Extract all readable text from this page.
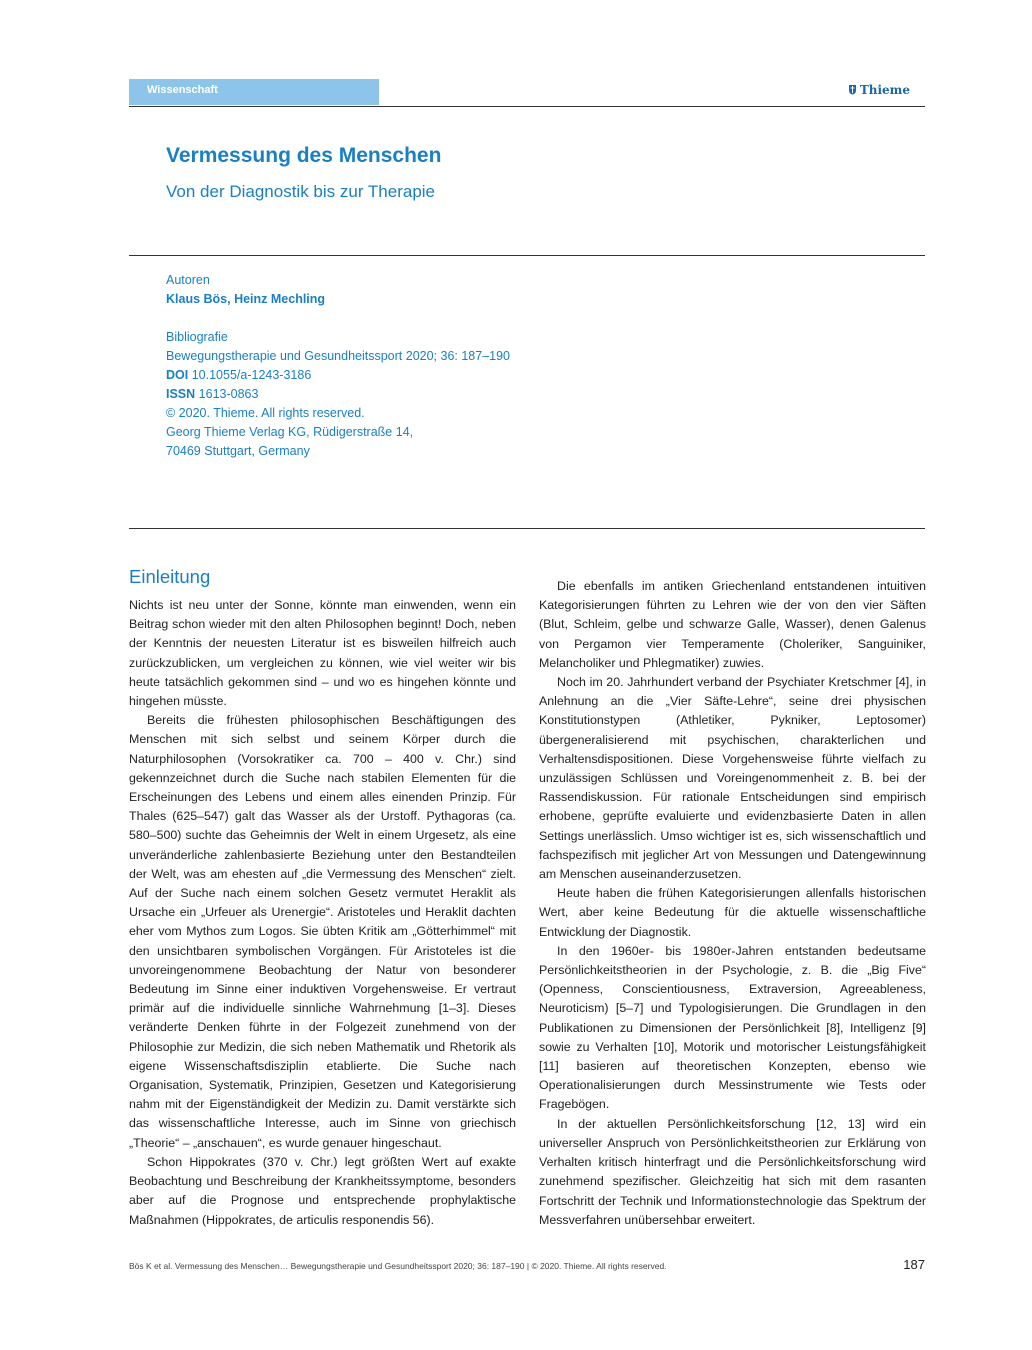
Wissenschaft	Thieme
Vermessung des Menschen
Von der Diagnostik bis zur Therapie
Autoren
Klaus Bös, Heinz Mechling
Bibliografie
Bewegungstherapie und Gesundheitssport 2020; 36: 187–190
DOI 10.1055/a-1243-3186
ISSN 1613-0863
© 2020. Thieme. All rights reserved.
Georg Thieme Verlag KG, Rüdigerstraße 14,
70469 Stuttgart, Germany
Einleitung

Nichts ist neu unter der Sonne, könnte man einwenden, wenn ein Beitrag schon wieder mit den alten Philosophen beginnt! Doch, neben der Kenntnis der neuesten Literatur ist es bisweilen hilfreich auch zurückzublicken, um vergleichen zu können, wie viel weiter wir bis heute tatsächlich gekommen sind – und wo es hingehen könnte und hingehen müsste.

Bereits die frühesten philosophischen Beschäftigungen des Menschen mit sich selbst und seinem Körper durch die Naturphilosophen (Vorsokratiker ca. 700 – 400 v. Chr.) sind gekennzeichnet durch die Suche nach stabilen Elementen für die Erscheinungen des Lebens und einem alles einenden Prinzip. Für Thales (625–547) galt das Wasser als der Urstoff. Pythagoras (ca. 580–500) suchte das Geheimnis der Welt in einem Urgesetz, als eine unveränderliche zahlenbasierte Beziehung unter den Bestandteilen der Welt, was am ehesten auf „die Vermessung des Menschen“ zielt. Auf der Suche nach einem solchen Gesetz vermutet Heraklit als Ursache ein „Urfeuer als Urenergie“. Aristoteles und Heraklit dachten eher vom Mythos zum Logos. Sie übten Kritik am „Götterhimmel“ mit den unsichtbaren symbolischen Vorgängen. Für Aristoteles ist die unvoreingenommene Beobachtung der Natur von besonderer Bedeutung im Sinne einer induktiven Vorgehensweise. Er vertraut primär auf die individuelle sinnliche Wahrnehmung [1–3]. Dieses veränderte Denken führte in der Folgezeit zunehmend von der Philosophie zur Medizin, die sich neben Mathematik und Rhetorik als eigene Wissenschaftsdisziplin etablierte. Die Suche nach Organisation, Systematik, Prinzipien, Gesetzen und Kategorisierung nahm mit der Eigenständigkeit der Medizin zu. Damit verstärkte sich das wissenschaftliche Interesse, auch im Sinne von griechisch „Theorie“ – „anschauen“, es wurde genauer hingeschaut.

Schon Hippokrates (370 v. Chr.) legt größten Wert auf exakte Beobachtung und Beschreibung der Krankheitssymptome, besonders aber auf die Prognose und entsprechende prophylaktische Maßnahmen (Hippokrates, de articulis responendis 56).

Die ebenfalls im antiken Griechenland entstandenen intuitiven Kategorisierungen führten zu Lehren wie der von den vier Säften (Blut, Schleim, gelbe und schwarze Galle, Wasser), denen Galenus von Pergamon vier Temperamente (Choleriker, Sanguiniker, Melancholiker und Phlegmatiker) zuwies.

Noch im 20. Jahrhundert verband der Psychiater Kretschmer [4], in Anlehnung an die „Vier Säfte-Lehre“, seine drei physischen Konstitutionstypen (Athletiker, Pykniker, Leptosomer) übergeneralisierend mit psychischen, charakterlichen und Verhaltensdispositionen. Diese Vorgehensweise führte vielfach zu unzulässigen Schlüssen und Voreingenommenheit z. B. bei der Rassendiskussion. Für rationale Entscheidungen sind empirisch erhobene, geprüfte evaluierte und evidenzbasierte Daten in allen Settings unerlässlich. Umso wichtiger ist es, sich wissenschaftlich und fachspezifisch mit jeglicher Art von Messungen und Datengewinnung am Menschen auseinanderzusetzen.

Heute haben die frühen Kategorisierungen allenfalls historischen Wert, aber keine Bedeutung für die aktuelle wissenschaftliche Entwicklung der Diagnostik.

In den 1960er- bis 1980er-Jahren entstanden bedeutsame Persönlichkeitstheorien in der Psychologie, z. B. die „Big Five“ (Openness, Conscientiousness, Extraversion, Agreeableness, Neuroticism) [5–7] und Typologisierungen. Die Grundlagen in den Publikationen zu Dimensionen der Persönlichkeit [8], Intelligenz [9] sowie zu Verhalten [10], Motorik und motorischer Leistungsfähigkeit [11] basieren auf theoretischen Konzepten, ebenso wie Operationalisierungen durch Messinstrumente wie Tests oder Fragebögen.

In der aktuellen Persönlichkeitsforschung [12, 13] wird ein universeller Anspruch von Persönlichkeitstheorien zur Erklärung von Verhalten kritisch hinterfragt und die Persönlichkeitsforschung wird zunehmend spezifischer. Gleichzeitig hat sich mit dem rasanten Fortschritt der Technik und Informationstechnologie das Spektrum der Messverfahren unübersehbar erweitert.

Bös K et al. Vermessung des Menschen… Bewegungstherapie und Gesundheitssport 2020; 36: 187–190 | © 2020. Thieme. All rights reserved.	187
